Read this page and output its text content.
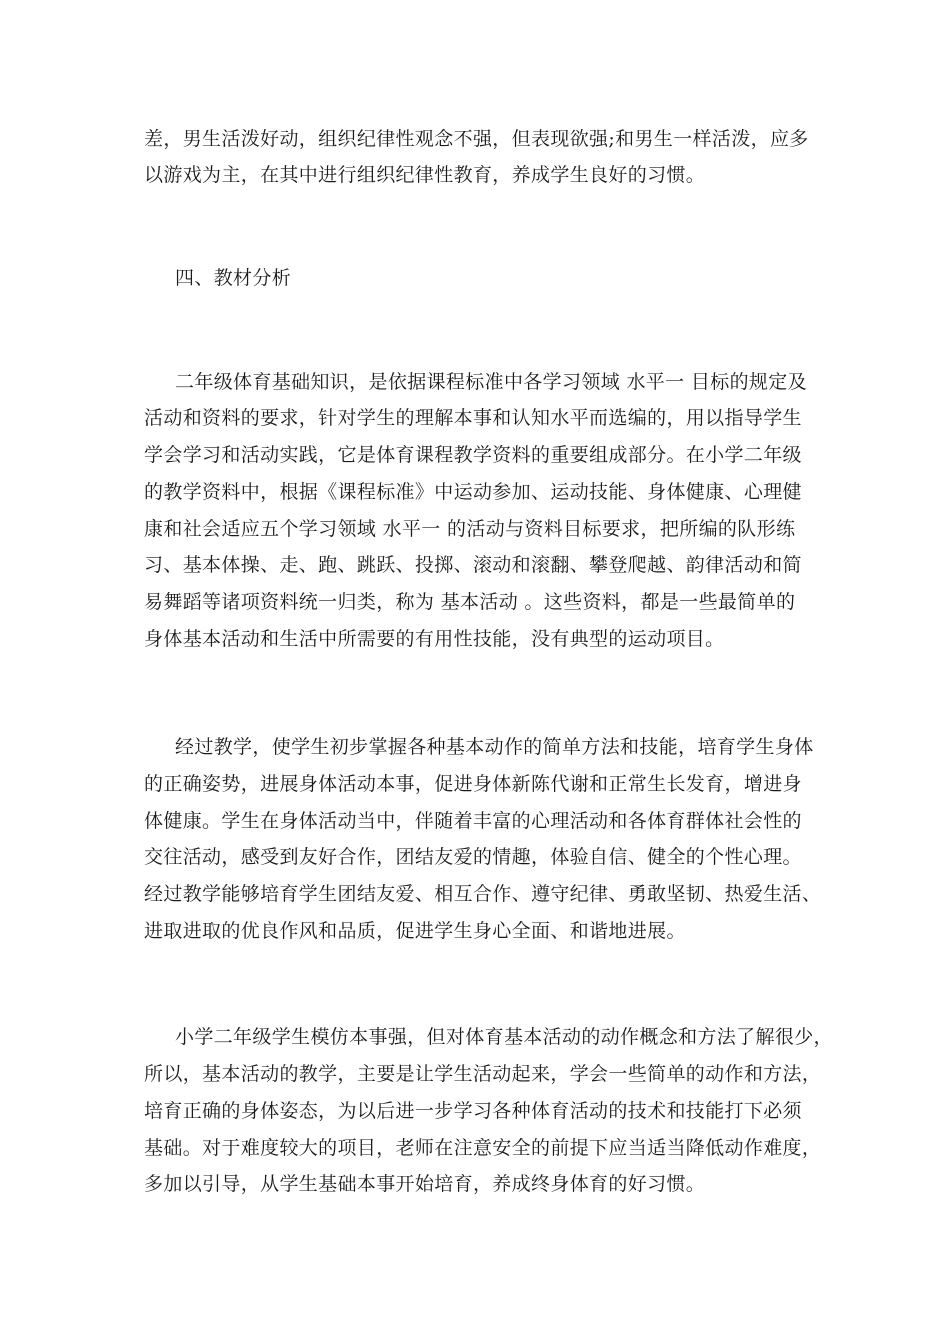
差，男生活泼好动，组织纪律性观念不强，但表现欲强;和男生一样活泼，应多
以游戏为主，在其中进行组织纪律性教育，养成学生良好的习惯。
四、教材分析
二年级体育基础知识，是依据课程标准中各学习领域 水平一 目标的规定及
活动和资料的要求，针对学生的理解本事和认知水平而选编的，用以指导学生
学会学习和活动实践，它是体育课程教学资料的重要组成部分。在小学二年级
的教学资料中，根据《课程标准》中运动参加、运动技能、身体健康、心理健
康和社会适应五个学习领域 水平一 的活动与资料目标要求，把所编的队形练
习、基本体操、走、跑、跳跃、投掷、滚动和滚翻、攀登爬越、韵律活动和简
易舞蹈等诸项资料统一归类，称为 基本活动 。这些资料，都是一些最简单的
身体基本活动和生活中所需要的有用性技能，没有典型的运动项目。
经过教学，使学生初步掌握各种基本动作的简单方法和技能，培育学生身体
的正确姿势，进展身体活动本事，促进身体新陈代谢和正常生长发育，增进身
体健康。学生在身体活动当中，伴随着丰富的心理活动和各体育群体社会性的
交往活动，感受到友好合作，团结友爱的情趣，体验自信、健全的个性心理。
经过教学能够培育学生团结友爱、相互合作、遵守纪律、勇敢坚韧、热爱生活、
进取进取的优良作风和品质，促进学生身心全面、和谐地进展。
小学二年级学生模仿本事强，但对体育基本活动的动作概念和方法了解很少，
所以，基本活动的教学，主要是让学生活动起来，学会一些简单的动作和方法，
培育正确的身体姿态，为以后进一步学习各种体育活动的技术和技能打下必须
基础。对于难度较大的项目，老师在注意安全的前提下应当适当降低动作难度，
多加以引导，从学生基础本事开始培育，养成终身体育的好习惯。
